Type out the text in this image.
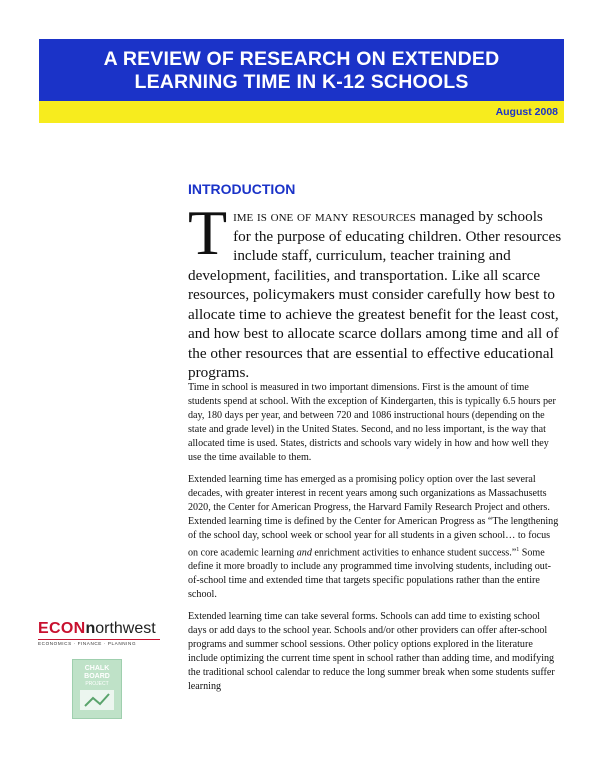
A REVIEW OF RESEARCH ON EXTENDED
LEARNING TIME IN K-12 SCHOOLS
August 2008
INTRODUCTION

Time is one of many resources managed by schools for the purpose of educating children. Other resources include staff, curriculum, teacher training and development, facilities, and transportation. Like all scarce resources, policymakers must consider carefully how best to allocate time to achieve the greatest benefit for the least cost, and how best to allocate scarce dollars among time and all of the other resources that are essential to effective educational programs.

Time in school is measured in two important dimensions. First is the amount of time students spend at school. With the exception of Kindergarten, this is typically 6.5 hours per day, 180 days per year, and between 720 and 1086 instructional hours (depending on the state and grade level) in the United States. Second, and no less important, is the way that allocated time is used. States, districts and schools vary widely in how and how well they use the time available to them.

Extended learning time has emerged as a promising policy option over the last several decades, with greater interest in recent years among such organizations as Massachusetts 2020, the Center for American Progress, the Harvard Family Research Project and others. Extended learning time is defined by the Center for American Progress as “The lengthening of the school day, school week or school year for all students in a given school… to focus on core academic learning and enrichment activities to enhance student success.”$^1$ Some define it more broadly to include any programmed time involving students, including out-of-school time and extended time that targets specific populations rather than the entire school.

Extended learning time can take several forms. Schools can add time to existing school days or add days to the school year. Schools and/or other providers can offer after-school programs and summer school sessions. Other policy options explored in the literature include optimizing the current time spent in school rather than adding time, and modifying the traditional school calendar to reduce the long summer break when some students suffer learning

ECONnorthwest
ECONOMICS · FINANCE · PLANNING
CHALK
BOARD
PROJECT
